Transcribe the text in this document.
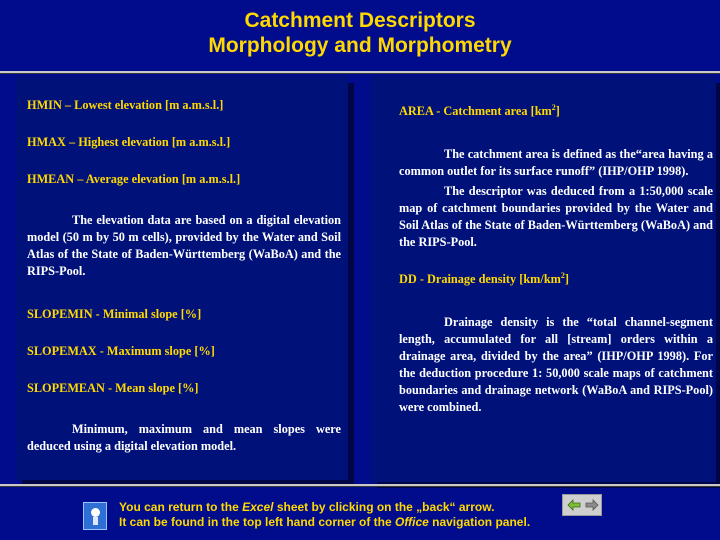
Catchment Descriptors
Morphology and Morphometry

HMIN – Lowest elevation [m a.m.s.l.]

HMAX – Highest elevation [m a.m.s.l.]

HMEAN – Average elevation [m a.m.s.l.]

The elevation data are based on a digital elevation model (50 m by 50 m cells), provided by the Water and Soil Atlas of the State of Baden-Württemberg (WaBoA) and the RIPS-Pool.

SLOPEMIN - Minimal slope [%]

SLOPEMAX - Maximum slope [%]

SLOPEMEAN - Mean slope [%]

Minimum, maximum and mean slopes were deduced using a digital elevation model.

AREA - Catchment area $[km^2]$

The catchment area is defined as the“area having a common outlet for its surface runoff” (IHP/OHP 1998).

The descriptor was deduced from a 1:50,000 scale map of catchment boundaries provided by the Water and Soil Atlas of the State of Baden-Württemberg (WaBoA) and the RIPS-Pool.

DD - Drainage density $[km/km^2]$

Drainage density is the “total channel-segment length, accumulated for all [stream] orders within a drainage area, divided by the area” (IHP/OHP 1998). For the deduction procedure 1: 50,000 scale maps of catchment boundaries and drainage network (WaBoA and RIPS-Pool) were combined.

You can return to the Excel sheet by clicking on the „back“ arrow.
It can be found in the top left hand corner of the Office navigation panel.
